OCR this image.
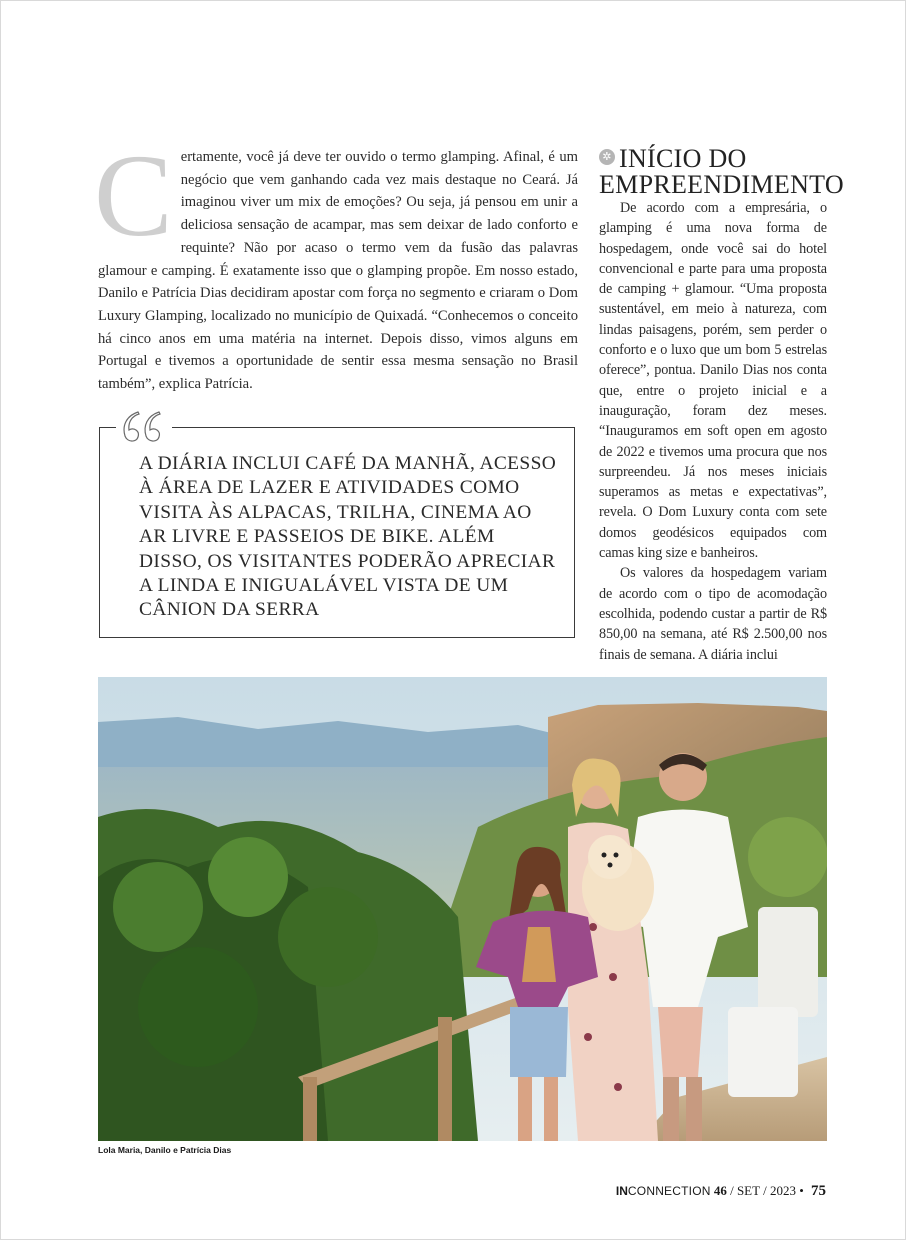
C ertamente, você já deve ter ouvido o termo glamping. Afinal, é um negócio que vem ganhando cada vez mais destaque no Ceará. Já imaginou viver um mix de emoções? Ou seja, já pensou em unir a deliciosa sensação de acampar, mas sem deixar de lado conforto e requinte? Não por acaso o termo vem da fusão das palavras glamour e camping. É exatamente isso que o glamping propõe. Em nosso estado, Danilo e Patrícia Dias decidiram apostar com força no segmento e criaram o Dom Luxury Glamping, localizado no município de Quixadá. “Conhecemos o conceito há cinco anos em uma matéria na internet. Depois disso, vimos alguns em Portugal e tivemos a oportunidade de sentir essa mesma sensação no Brasil também”, explica Patrícia.

A DIÁRIA INCLUI CAFÉ DA MANHÃ, ACESSO À ÁREA DE LAZER E ATIVIDADES COMO VISITA ÀS ALPACAS, TRILHA, CINEMA AO AR LIVRE E PASSEIOS DE BIKE. ALÉM DISSO, OS VISITANTES PODERÃO APRECIAR A LINDA E INIGUALÁVEL VISTA DE UM CÂNION DA SERRA
✲ INÍCIO DO EMPREENDIMENTO

De acordo com a empresária, o glamping é uma nova forma de hospedagem, onde você sai do hotel convencional e parte para uma proposta de camping + glamour. “Uma proposta sustentável, em meio à natureza, com lindas paisagens, porém, sem perder o conforto e o luxo que um bom 5 estrelas oferece”, pontua. Danilo Dias nos conta que, entre o projeto inicial e a inauguração, foram dez meses. “Inauguramos em soft open em agosto de 2022 e tivemos uma procura que nos surpreendeu. Já nos meses iniciais superamos as metas e expectativas”, revela. O Dom Luxury conta com sete domos geodésicos equipados com camas king size e banheiros.

Os valores da hospedagem variam de acordo com o tipo de acomodação escolhida, podendo custar a partir de R$ 850,00 na semana, até R$ 2.500,00 nos finais de semana. A diária inclui

Lola Maria, Danilo e Patrícia Dias
INCONNECTION 46 / SET / 2023 • 75
